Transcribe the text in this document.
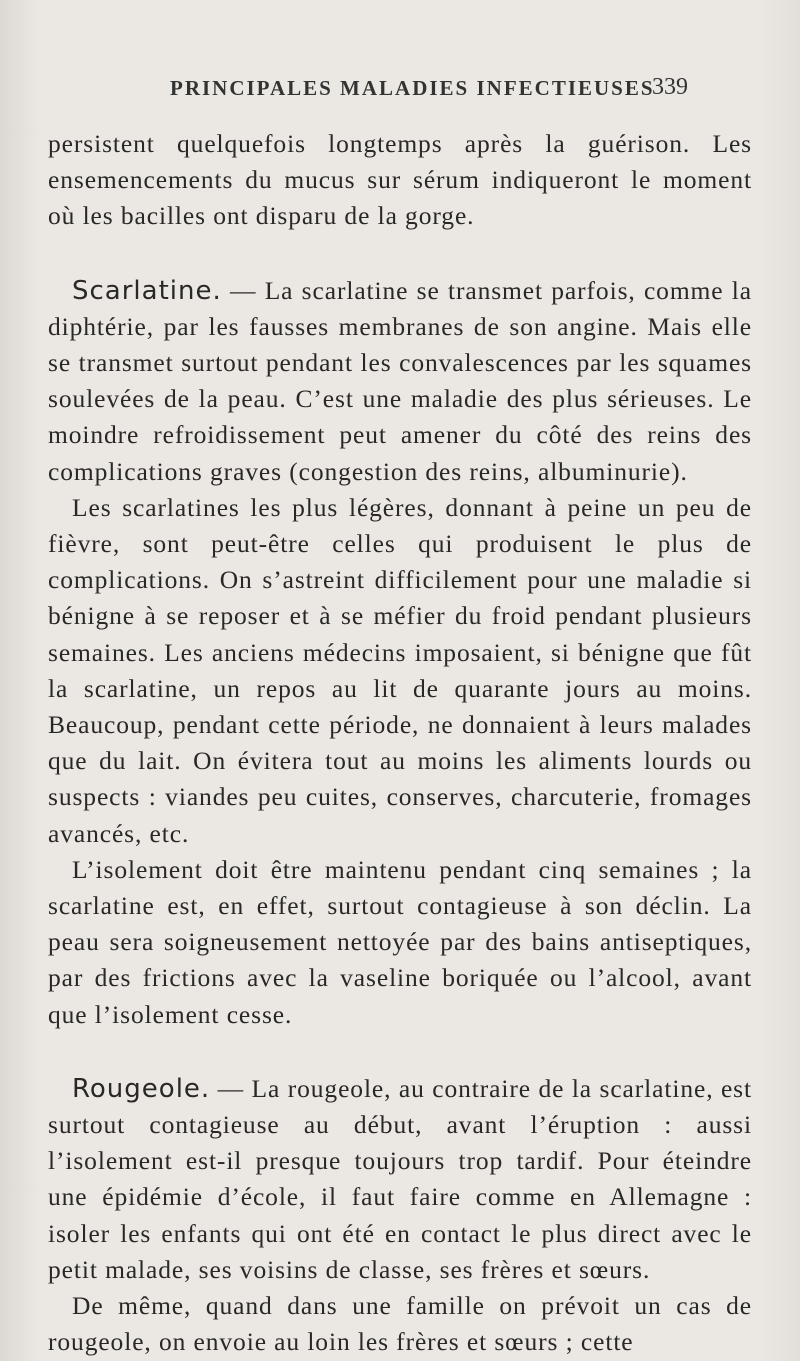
PRINCIPALES MALADIES INFECTIEUSES
339

persistent quelquefois longtemps après la guérison. Les ensemencements du mucus sur sérum indiqueront le moment où les bacilles ont disparu de la gorge.

Scarlatine. — La scarlatine se transmet parfois, comme la diphtérie, par les fausses membranes de son angine. Mais elle se transmet surtout pendant les convalescences par les squames soulevées de la peau. C’est une maladie des plus sérieuses. Le moindre refroidissement peut amener du côté des reins des complications graves (congestion des reins, albuminurie).

Les scarlatines les plus légères, donnant à peine un peu de fièvre, sont peut-être celles qui produisent le plus de complications. On s’astreint difficilement pour une maladie si bénigne à se reposer et à se méfier du froid pendant plusieurs semaines. Les anciens médecins imposaient, si bénigne que fût la scarlatine, un repos au lit de quarante jours au moins. Beaucoup, pendant cette période, ne donnaient à leurs malades que du lait. On évitera tout au moins les aliments lourds ou suspects : viandes peu cuites, conserves, charcuterie, fromages avancés, etc.

L’isolement doit être maintenu pendant cinq semaines ; la scarlatine est, en effet, surtout contagieuse à son déclin. La peau sera soigneusement nettoyée par des bains antiseptiques, par des frictions avec la vaseline boriquée ou l’alcool, avant que l’isolement cesse.

Rougeole. — La rougeole, au contraire de la scarlatine, est surtout contagieuse au début, avant l’éruption : aussi l’isolement est-il presque toujours trop tardif. Pour éteindre une épidémie d’école, il faut faire comme en Allemagne : isoler les enfants qui ont été en contact le plus direct avec le petit malade, ses voisins de classe, ses frères et sœurs.

De même, quand dans une famille on prévoit un cas de rougeole, on envoie au loin les frères et sœurs ; cette
